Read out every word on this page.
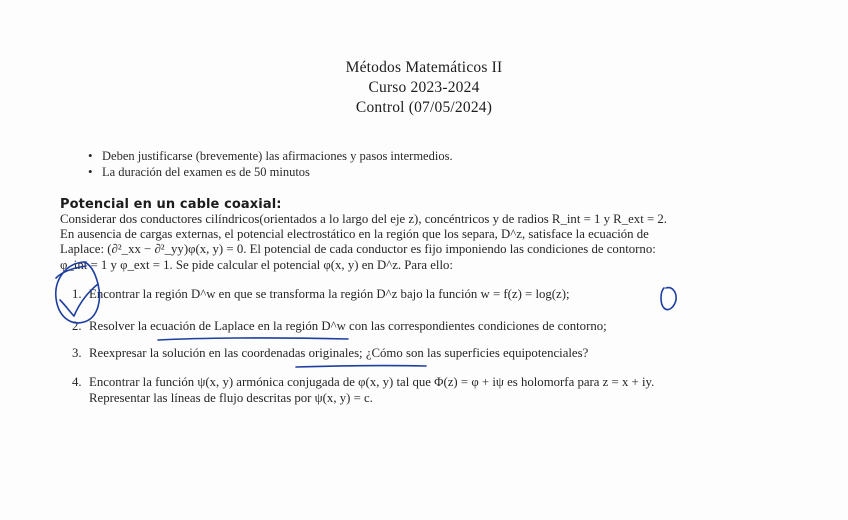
Métodos Matemáticos II
Curso 2023-2024
Control (07/05/2024)
• Deben justificarse (brevemente) las afirmaciones y pasos intermedios.
• La duración del examen es de 50 minutos
Potencial en un cable coaxial:
Considerar dos conductores cilíndricos(orientados a lo largo del eje z), concéntricos y de radios R_int = 1 y R_ext = 2.
En ausencia de cargas externas, el potencial electrostático en la región que los separa, D^z, satisface la ecuación de
Laplace: (∂²_xx − ∂²_yy)φ(x, y) = 0. El potencial de cada conductor es fijo imponiendo las condiciones de contorno:
φ_int = 1 y φ_ext = 1. Se pide calcular el potencial φ(x, y) en D^z. Para ello:
1. Encontrar la región D^w en que se transforma la región D^z bajo la función w = f(z) = log(z);
2. Resolver la ecuación de Laplace en la región D^w con las correspondientes condiciones de contorno;
3. Reexpresar la solución en las coordenadas originales; ¿Cómo son las superficies equipotenciales?
4. Encontrar la función ψ(x, y) armónica conjugada de φ(x, y) tal que Φ(z) = φ + iψ es holomorfa para z = x + iy.
Representar las líneas de flujo descritas por ψ(x, y) = c.
